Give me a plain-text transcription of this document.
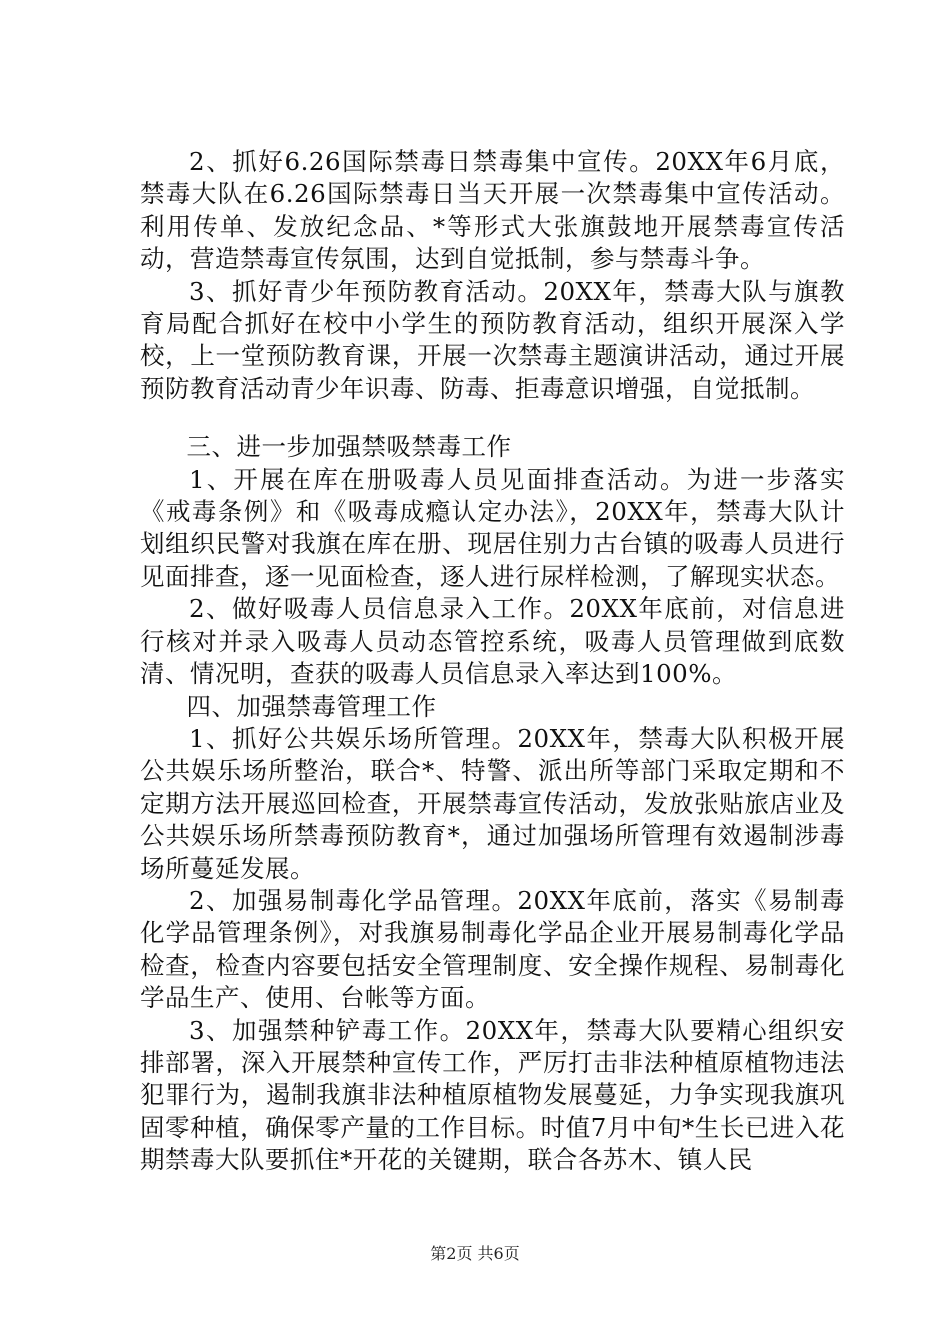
2、抓好6.26国际禁毒日禁毒集中宣传。20XX年6月底，禁毒大队在6.26国际禁毒日当天开展一次禁毒集中宣传活动。利用传单、发放纪念品、*等形式大张旗鼓地开展禁毒宣传活动，营造禁毒宣传氛围，达到自觉抵制，参与禁毒斗争。

3、抓好青少年预防教育活动。20XX年，禁毒大队与旗教育局配合抓好在校中小学生的预防教育活动，组织开展深入学校，上一堂预防教育课，开展一次禁毒主题演讲活动，通过开展预防教育活动青少年识毒、防毒、拒毒意识增强，自觉抵制。

三、进一步加强禁吸禁毒工作

1、开展在库在册吸毒人员见面排查活动。为进一步落实《戒毒条例》和《吸毒成瘾认定办法》，20XX年，禁毒大队计划组织民警对我旗在库在册、现居住别力古台镇的吸毒人员进行见面排查，逐一见面检查，逐人进行尿样检测，了解现实状态。

2、做好吸毒人员信息录入工作。20XX年底前，对信息进行核对并录入吸毒人员动态管控系统，吸毒人员管理做到底数清、情况明，查获的吸毒人员信息录入率达到100%。

四、加强禁毒管理工作

1、抓好公共娱乐场所管理。20XX年，禁毒大队积极开展公共娱乐场所整治，联合*、特警、派出所等部门采取定期和不定期方法开展巡回检查，开展禁毒宣传活动，发放张贴旅店业及公共娱乐场所禁毒预防教育*，通过加强场所管理有效遏制涉毒场所蔓延发展。

2、加强易制毒化学品管理。20XX年底前，落实《易制毒化学品管理条例》，对我旗易制毒化学品企业开展易制毒化学品检查，检查内容要包括安全管理制度、安全操作规程、易制毒化学品生产、使用、台帐等方面。

3、加强禁种铲毒工作。20XX年，禁毒大队要精心组织安排部署，深入开展禁种宣传工作，严厉打击非法种植原植物违法犯罪行为，遏制我旗非法种植原植物发展蔓延，力争实现我旗巩固零种植，确保零产量的工作目标。时值7月中旬*生长已进入花期禁毒大队要抓住*开花的关键期，联合各苏木、镇人民

第2页 共6页
